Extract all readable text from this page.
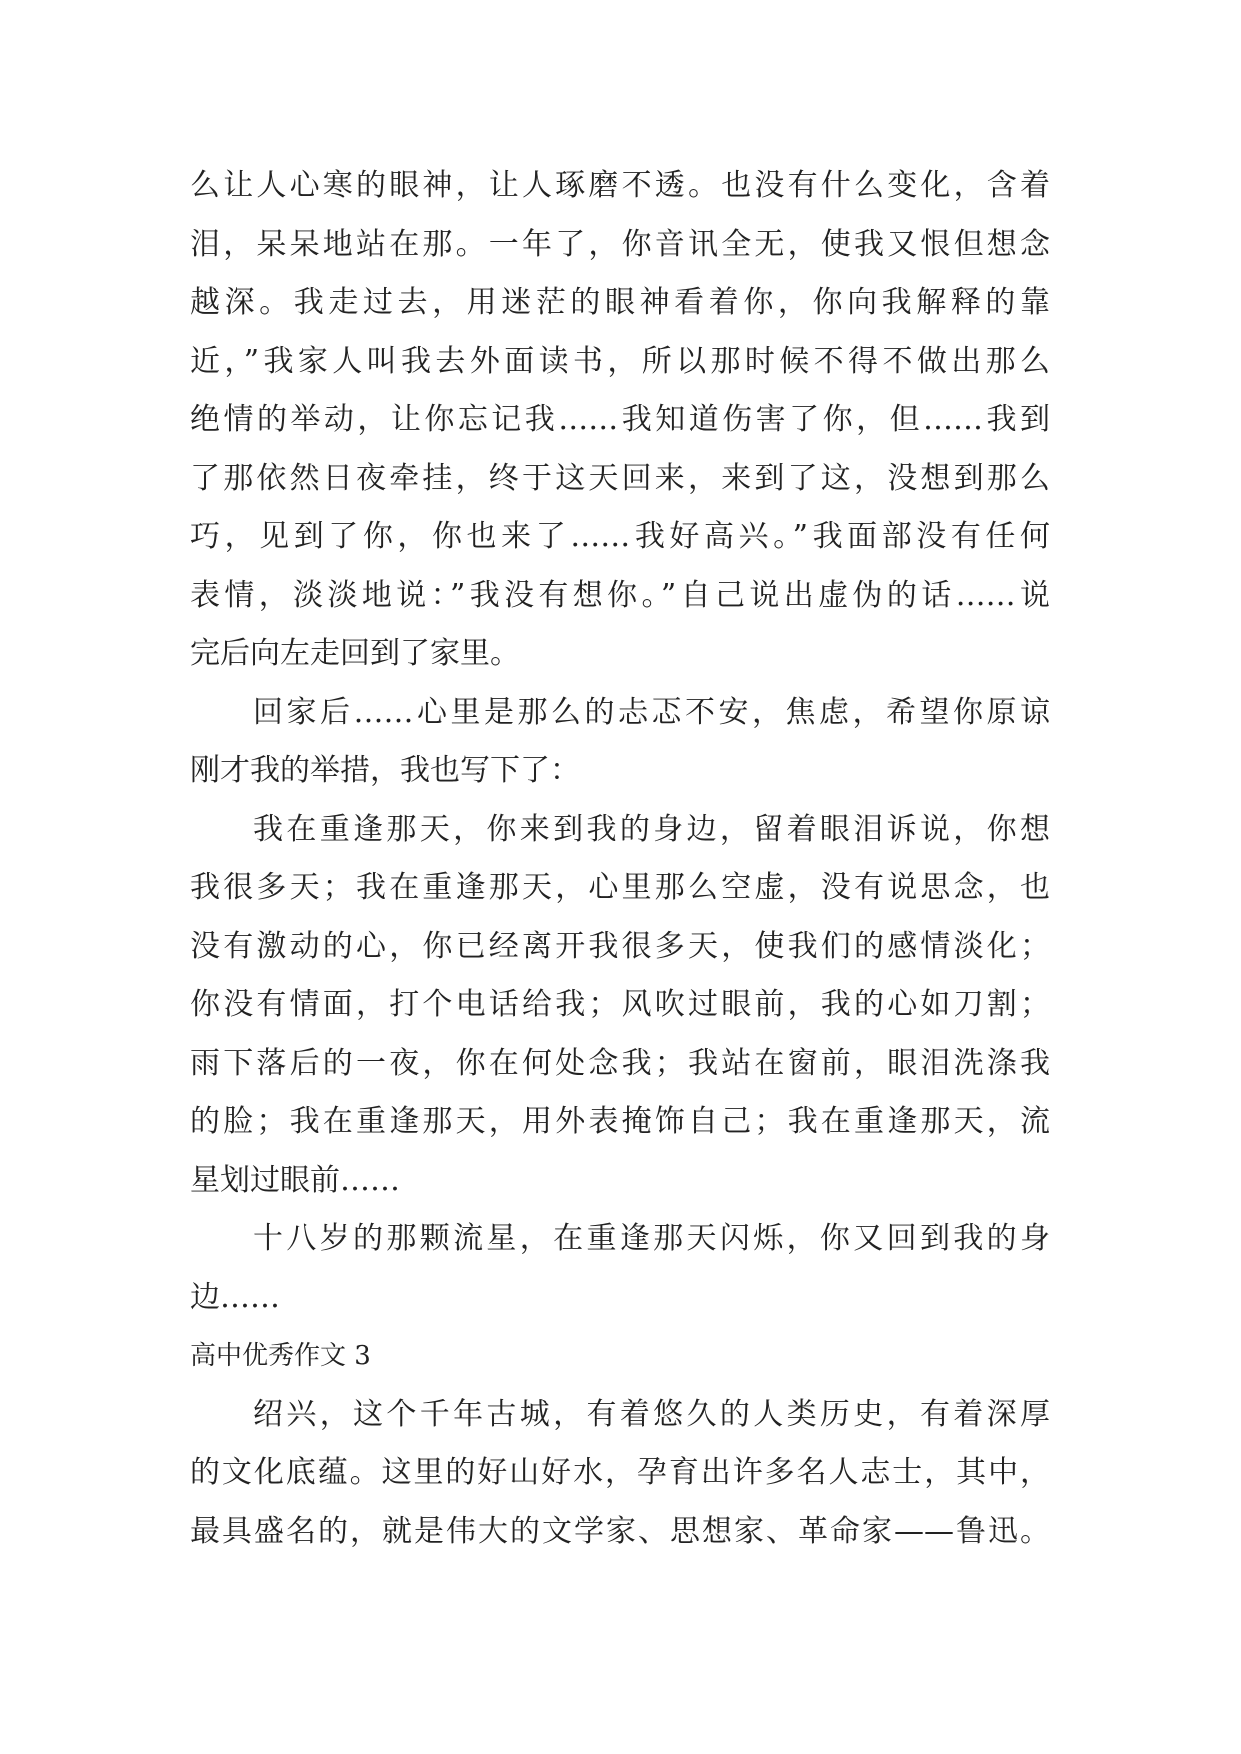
么让人心寒的眼神，让人琢磨不透。也没有什么变化，含着
泪，呆呆地站在那。一年了，你音讯全无，使我又恨但想念
越深。我走过去，用迷茫的眼神看着你，你向我解释的靠
近，”我家人叫我去外面读书，所以那时候不得不做出那么
绝情的举动，让你忘记我……我知道伤害了你，但……我到
了那依然日夜牵挂，终于这天回来，来到了这，没想到那么
巧，见到了你，你也来了……我好高兴。”我面部没有任何
表情，淡淡地说：”我没有想你。”自己说出虚伪的话……说
完后向左走回到了家里。
回家后……心里是那么的忐忑不安，焦虑，希望你原谅
刚才我的举措，我也写下了：
我在重逢那天，你来到我的身边，留着眼泪诉说，你想
我很多天；我在重逢那天，心里那么空虚，没有说思念，也
没有激动的心，你已经离开我很多天，使我们的感情淡化；
你没有情面，打个电话给我；风吹过眼前，我的心如刀割；
雨下落后的一夜，你在何处念我；我站在窗前，眼泪洗涤我
的脸；我在重逢那天，用外表掩饰自己；我在重逢那天，流
星划过眼前……
十八岁的那颗流星，在重逢那天闪烁，你又回到我的身
边……
高中优秀作文 3
绍兴，这个千年古城，有着悠久的人类历史，有着深厚
的文化底蕴。这里的好山好水，孕育出许多名人志士，其中，
最具盛名的，就是伟大的文学家、思想家、革命家——鲁迅。
